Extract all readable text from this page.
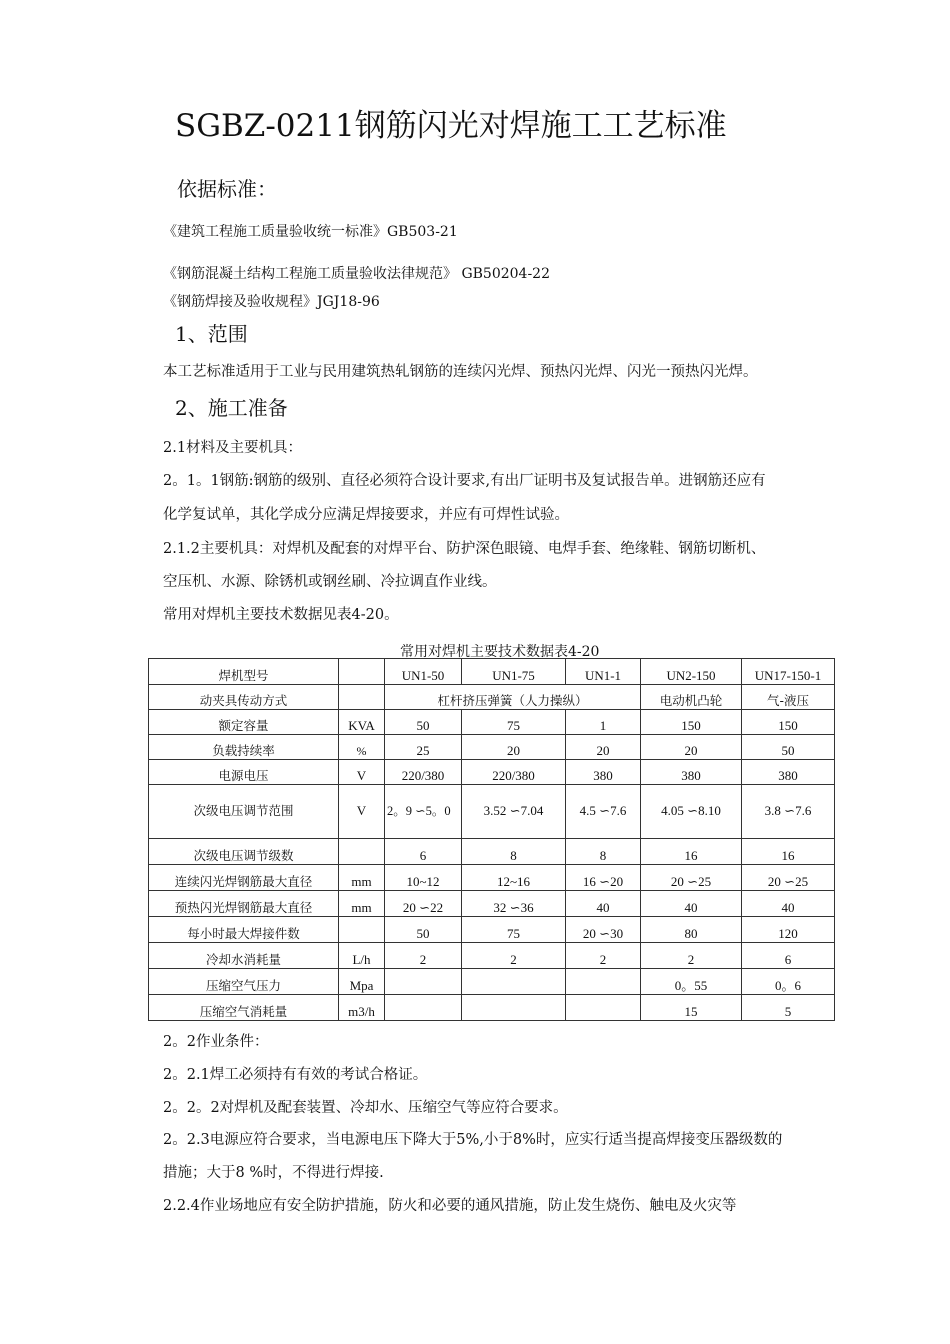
SGBZ-0211钢筋闪光对焊施工工艺标准
依据标准：
《建筑工程施工质量验收统一标准》GB503-21
《钢筋混凝土结构工程施工质量验收法律规范》 GB50204-22
《钢筋焊接及验收规程》JGJ18-96
1、范围
本工艺标准适用于工业与民用建筑热轧钢筋的连续闪光焊、预热闪光焊、闪光一预热闪光焊。
2、施工准备
2.1材料及主要机具：
2。1。1钢筋:钢筋的级别、直径必须符合设计要求,有出厂证明书及复试报告单。进钢筋还应有
化学复试单，其化学成分应满足焊接要求，并应有可焊性试验。
2.1.2主要机具：对焊机及配套的对焊平台、防护深色眼镜、电焊手套、绝缘鞋、钢筋切断机、
空压机、水源、除锈机或钢丝刷、冷拉调直作业线。
常用对焊机主要技术数据见表4-20。
常用对焊机主要技术数据表4-20
焊机型号		UN1-50	UN1-75	UN1-1	UN2-150	UN17-150-1
动夹具传动方式		杠杆挤压弹簧（人力操纵）			电动机凸轮	气-液压
额定容量	KVA	50	75	1	150	150
负载持续率	%	25	20	20	20	50
电源电压	V	220/380	220/380	380	380	380
次级电压调节范围	V	2。9 ∽5。0	3.52 ∽7.04	4.5 ∽7.6	4.05 ∽8.10	3.8 ∽7.6
次级电压调节级数		6	8	8	16	16
连续闪光焊钢筋最大直径	mm	10~12	12~16	16 ∽20	20 ∽25	20 ∽25
预热闪光焊钢筋最大直径	mm	20 ∽22	32 ∽36	40	40	40
每小时最大焊接件数		50	75	20 ∽30	80	120
冷却水消耗量	L/h	2	2	2	2	6
压缩空气压力	Mpa				0。55	0。6
压缩空气消耗量	m3/h				15	5
2。2作业条件：
2。2.1焊工必须持有有效的考试合格证。
2。2。2对焊机及配套装置、冷却水、压缩空气等应符合要求。
2。2.3电源应符合要求，当电源电压下降大于5%,小于8%时，应实行适当提高焊接变压器级数的
措施；大于8 %时，不得进行焊接.
2.2.4作业场地应有安全防护措施，防火和必要的通风措施，防止发生烧伤、触电及火灾等
